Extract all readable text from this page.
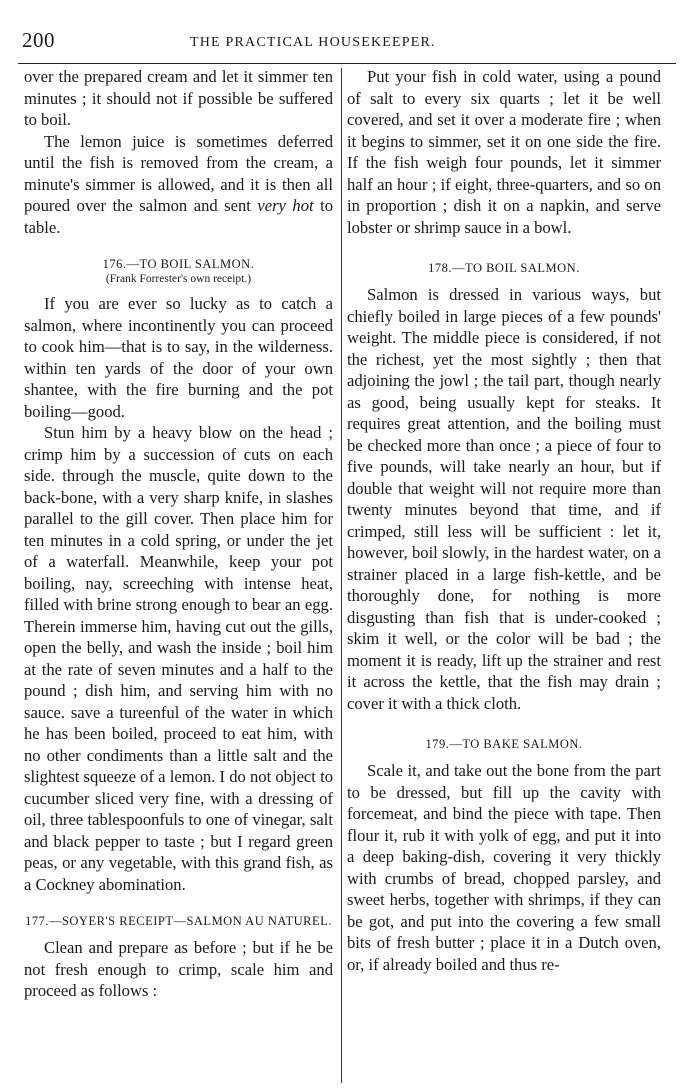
200	THE PRACTICAL HOUSEKEEPER.

over the prepared cream and let it simmer ten minutes ; it should not if possible be suffered to boil.

The lemon juice is sometimes deferred until the fish is removed from the cream, a minute's simmer is allowed, and it is then all poured over the salmon and sent very hot to table.

176.—TO BOIL SALMON.
(Frank Forrester's own receipt.)

If you are ever so lucky as to catch a salmon, where incontinently you can proceed to cook him—that is to say, in the wilderness. within ten yards of the door of your own shantee, with the fire burning and the pot boiling—good.

Stun him by a heavy blow on the head ; crimp him by a succession of cuts on each side. through the muscle, quite down to the back-bone, with a very sharp knife, in slashes parallel to the gill cover. Then place him for ten minutes in a cold spring, or under the jet of a waterfall. Meanwhile, keep your pot boiling, nay, screeching with intense heat, filled with brine strong enough to bear an egg. Therein immerse him, having cut out the gills, open the belly, and wash the inside ; boil him at the rate of seven minutes and a half to the pound ; dish him, and serving him with no sauce. save a tureenful of the water in which he has been boiled, proceed to eat him, with no other condiments than a little salt and the slightest squeeze of a lemon. I do not object to cucumber sliced very fine, with a dressing of oil, three tablespoonfuls to one of vinegar, salt and black pepper to taste ; but I regard green peas, or any vegetable, with this grand fish, as a Cockney abomination.

177.—SOYER'S RECEIPT—SALMON AU NATUREL.

Clean and prepare as before ; but if he be not fresh enough to crimp, scale him and proceed as follows :

Put your fish in cold water, using a pound of salt to every six quarts ; let it be well covered, and set it over a moderate fire ; when it begins to simmer, set it on one side the fire. If the fish weigh four pounds, let it simmer half an hour ; if eight, three-quarters, and so on in proportion ; dish it on a napkin, and serve lobster or shrimp sauce in a bowl.

178.—TO BOIL SALMON.

Salmon is dressed in various ways, but chiefly boiled in large pieces of a few pounds' weight. The middle piece is considered, if not the richest, yet the most sightly ; then that adjoining the jowl ; the tail part, though nearly as good, being usually kept for steaks. It requires great attention, and the boiling must be checked more than once ; a piece of four to five pounds, will take nearly an hour, but if double that weight will not require more than twenty minutes beyond that time, and if crimped, still less will be sufficient : let it, however, boil slowly, in the hardest water, on a strainer placed in a large fish-kettle, and be thoroughly done, for nothing is more disgusting than fish that is under-cooked ; skim it well, or the color will be bad ; the moment it is ready, lift up the strainer and rest it across the kettle, that the fish may drain ; cover it with a thick cloth.

179.—TO BAKE SALMON.

Scale it, and take out the bone from the part to be dressed, but fill up the cavity with forcemeat, and bind the piece with tape. Then flour it, rub it with yolk of egg, and put it into a deep baking-dish, covering it very thickly with crumbs of bread, chopped parsley, and sweet herbs, together with shrimps, if they can be got, and put into the covering a few small bits of fresh butter ; place it in a Dutch oven, or, if already boiled and thus re-
